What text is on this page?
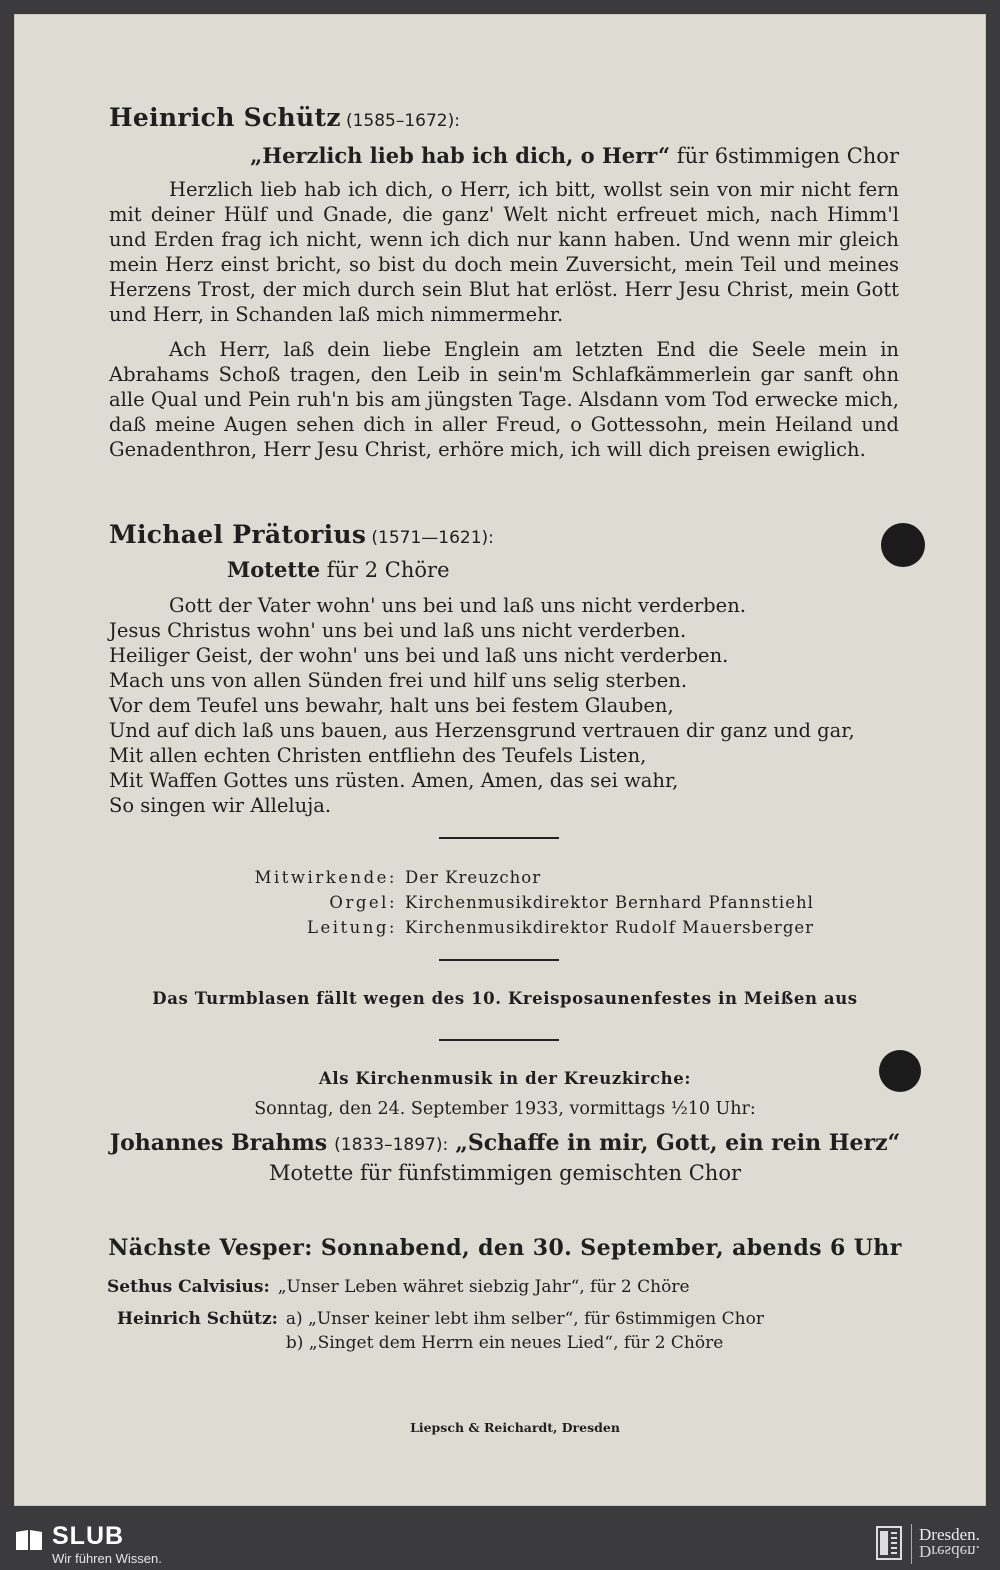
Heinrich Schütz (1585–1672):
„Herzlich lieb hab ich dich, o Herr“ für 6stimmigen Chor
Herzlich lieb hab ich dich, o Herr, ich bitt, wollst sein von mir nicht fern mit deiner Hülf und Gnade, die ganz' Welt nicht erfreuet mich, nach Himm'l und Erden frag ich nicht, wenn ich dich nur kann haben. Und wenn mir gleich mein Herz einst bricht, so bist du doch mein Zuversicht, mein Teil und meines Herzens Trost, der mich durch sein Blut hat erlöst. Herr Jesu Christ, mein Gott und Herr, in Schanden laß mich nimmermehr.
Ach Herr, laß dein liebe Englein am letzten End die Seele mein in Abrahams Schoß tragen, den Leib in sein'm Schlafkämmerlein gar sanft ohn alle Qual und Pein ruh'n bis am jüngsten Tage. Alsdann vom Tod erwecke mich, daß meine Augen sehen dich in aller Freud, o Gottessohn, mein Heiland und Genadenthron, Herr Jesu Christ, erhöre mich, ich will dich preisen ewiglich.
Michael Prätorius (1571—1621):
Motette für 2 Chöre
Gott der Vater wohn' uns bei und laß uns nicht verderben.
Jesus Christus wohn' uns bei und laß uns nicht verderben.
Heiliger Geist, der wohn' uns bei und laß uns nicht verderben.
Mach uns von allen Sünden frei und hilf uns selig sterben.
Vor dem Teufel uns bewahr, halt uns bei festem Glauben,
Und auf dich laß uns bauen, aus Herzensgrund vertrauen dir ganz und gar,
Mit allen echten Christen entfliehn des Teufels Listen,
Mit Waffen Gottes uns rüsten. Amen, Amen, das sei wahr,
So singen wir Alleluja.
Mitwirkende: Der Kreuzchor
Orgel: Kirchenmusikdirektor Bernhard Pfannstiehl
Leitung: Kirchenmusikdirektor Rudolf Mauersberger
Das Turmblasen fällt wegen des 10. Kreisposaunenfestes in Meißen aus
Als Kirchenmusik in der Kreuzkirche:
Sonntag, den 24. September 1933, vormittags ½10 Uhr:
Johannes Brahms (1833–1897): „Schaffe in mir, Gott, ein rein Herz“
Motette für fünfstimmigen gemischten Chor
Nächste Vesper: Sonnabend, den 30. September, abends 6 Uhr
Sethus Calvisius: „Unser Leben währet siebzig Jahr“, für 2 Chöre
Heinrich Schütz: a) „Unser keiner lebt ihm selber“, für 6stimmigen Chor
b) „Singet dem Herrn ein neues Lied“, für 2 Chöre
Liepsch & Reichardt, Dresden
SLUB
Wir führen Wissen.
Dresden.
Dresden.
